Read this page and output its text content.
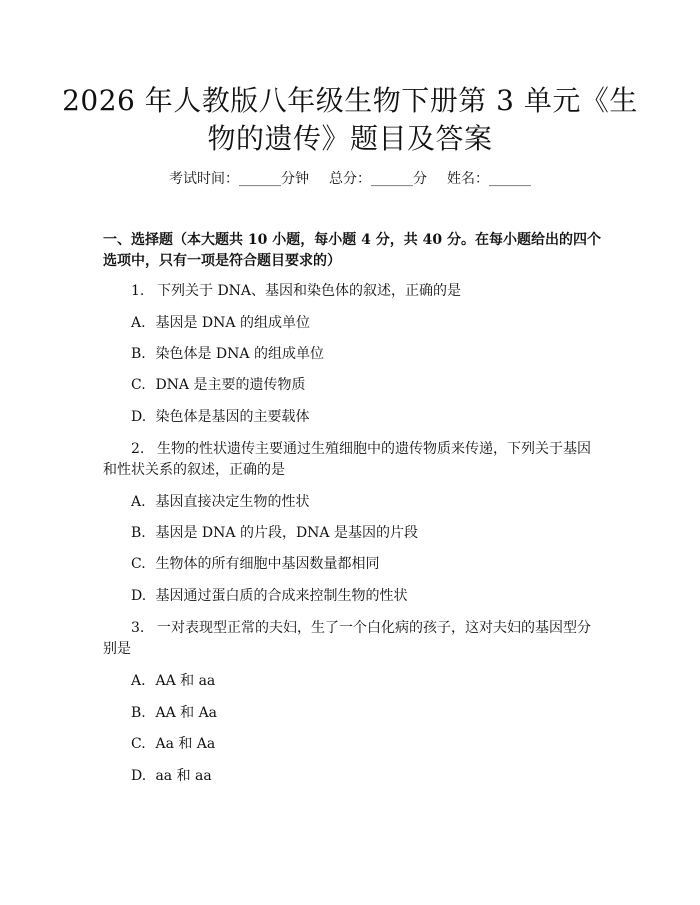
2026 年人教版八年级生物下册第 3 单元《生
物的遗传》题目及答案
考试时间：______分钟 总分：______分 姓名：______
一、选择题（本大题共 10 小题，每小题 4 分，共 40 分。在每小题给出的四个选项中，只有一项是符合题目要求的）
1. 下列关于 DNA、基因和染色体的叙述，正确的是
A. 基因是 DNA 的组成单位
B. 染色体是 DNA 的组成单位
C. DNA 是主要的遗传物质
D. 染色体是基因的主要载体
2. 生物的性状遗传主要通过生殖细胞中的遗传物质来传递，下列关于基因和性状关系的叙述，正确的是
A. 基因直接决定生物的性状
B. 基因是 DNA 的片段，DNA 是基因的片段
C. 生物体的所有细胞中基因数量都相同
D. 基因通过蛋白质的合成来控制生物的性状
3. 一对表现型正常的夫妇，生了一个白化病的孩子，这对夫妇的基因型分别是
A. AA 和 aa
B. AA 和 Aa
C. Aa 和 Aa
D. aa 和 aa
